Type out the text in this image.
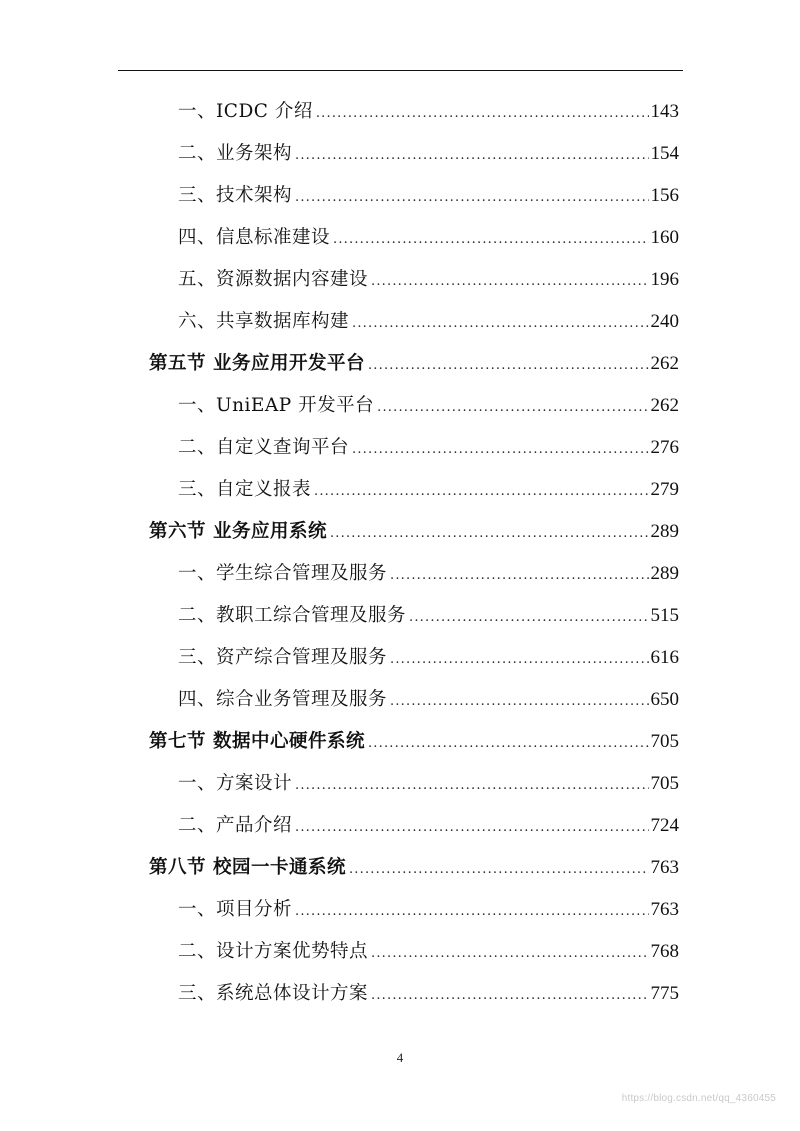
一、ICDC 介绍 .....	143
二、业务架构 .....	154
三、技术架构 .....	156
四、信息标准建设 .....	160
五、资源数据内容建设 .....	196
六、共享数据库构建 .....	240
第五节 业务应用开发平台 .....	262
一、UniEAP 开发平台 .....	262
二、自定义查询平台 .....	276
三、自定义报表 .....	279
第六节 业务应用系统 .....	289
一、学生综合管理及服务 .....	289
二、教职工综合管理及服务 .....	515
三、资产综合管理及服务 .....	616
四、综合业务管理及服务 .....	650
第七节 数据中心硬件系统 .....	705
一、方案设计 .....	705
二、产品介绍 .....	724
第八节 校园一卡通系统 .....	763
一、项目分析 .....	763
二、设计方案优势特点 .....	768
三、系统总体设计方案 .....	775
4
https://blog.csdn.net/qq_4360455
